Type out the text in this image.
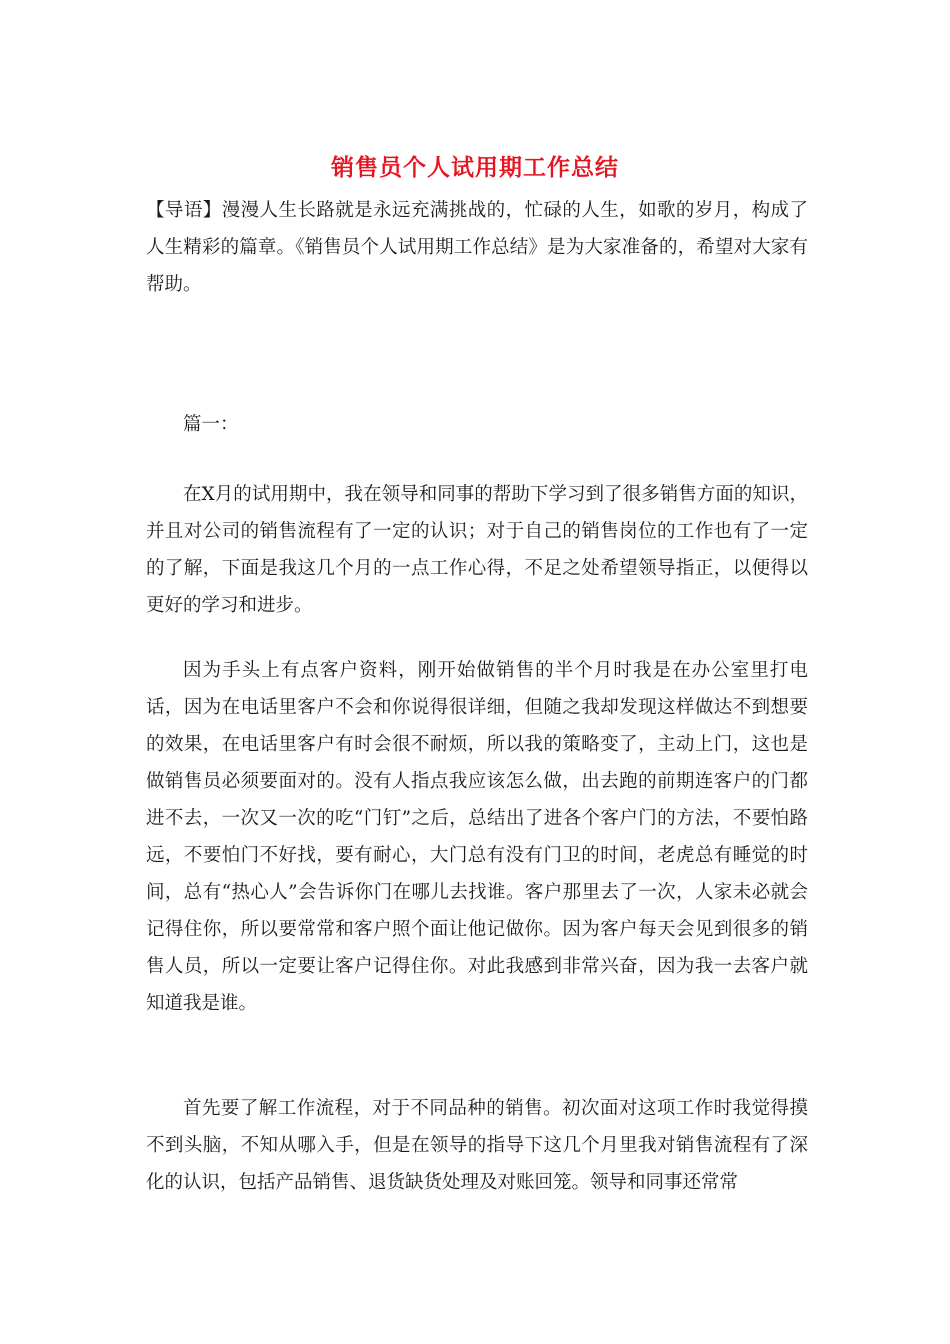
销售员个人试用期工作总结
【导语】漫漫人生长路就是永远充满挑战的，忙碌的人生，如歌的岁月，构成了人生精彩的篇章。《销售员个人试用期工作总结》是为大家准备的，希望对大家有帮助。
篇一：
在X月的试用期中，我在领导和同事的帮助下学习到了很多销售方面的知识，并且对公司的销售流程有了一定的认识；对于自己的销售岗位的工作也有了一定的了解，下面是我这几个月的一点工作心得，不足之处希望领导指正，以便得以更好的学习和进步。
因为手头上有点客户资料，刚开始做销售的半个月时我是在办公室里打电话，因为在电话里客户不会和你说得很详细，但随之我却发现这样做达不到想要的效果，在电话里客户有时会很不耐烦，所以我的策略变了，主动上门，这也是做销售员必须要面对的。没有人指点我应该怎么做，出去跑的前期连客户的门都进不去，一次又一次的吃“门钉”之后，总结出了进各个客户门的方法，不要怕路远，不要怕门不好找，要有耐心，大门总有没有门卫的时间，老虎总有睡觉的时间，总有“热心人”会告诉你门在哪儿去找谁。客户那里去了一次，人家未必就会记得住你，所以要常常和客户照个面让他记做你。因为客户每天会见到很多的销售人员，所以一定要让客户记得住你。对此我感到非常兴奋，因为我一去客户就知道我是谁。
首先要了解工作流程，对于不同品种的销售。初次面对这项工作时我觉得摸不到头脑，不知从哪入手，但是在领导的指导下这几个月里我对销售流程有了深化的认识，包括产品销售、退货缺货处理及对账回笼。领导和同事还常常
